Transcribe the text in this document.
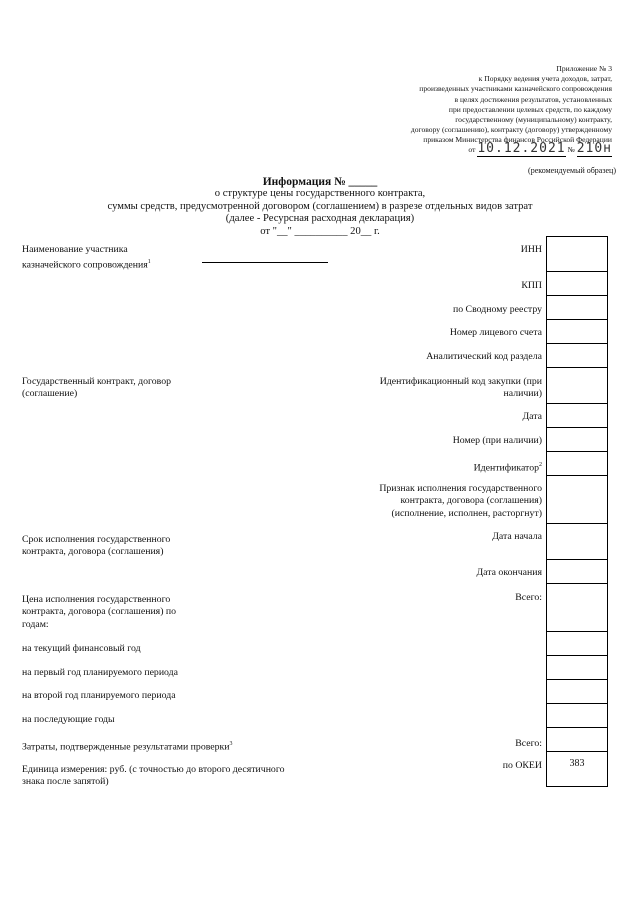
Приложение № 3
к Порядку ведения учета доходов, затрат,
произведенных участниками казначейского сопровождения
в целях достижения результатов, установленных
при предоставлении целевых средств, по каждому
государственному (муниципальному) контракту,
договору (соглашению), контракту (договору) утвержденному
приказом Министерства финансов Российской Федерации
от 10.12.2021 № 210н
(рекомендуемый образец)
Информация № _____
о структуре цены государственного контракта,
суммы средств, предусмотренной договором (соглашением) в разрезе отдельных видов затрат
(далее - Ресурсная расходная декларация)
от "__" __________ 20__ г.
Наименование участника
казначейского сопровождения$^1$
Государственный контракт, договор
(соглашение)
Срок исполнения государственного
контракта, договора (соглашения)
Цена исполнения государственного
контракта, договора (соглашения) по
годам:
на текущий финансовый год
на первый год планируемого периода
на второй год планируемого периода
на последующие годы
Затраты, подтвержденные результатами проверки$^3$
Единица измерения: руб. (с точностью до второго десятичного
знака после запятой)
ИНН
КПП
по Сводному реестру
Номер лицевого счета
Аналитический код раздела
Идентификационный код закупки (при
наличии)
Дата
Номер (при наличии)
Идентификатор$^2$
Признак исполнения государственного
контракта, договора (соглашения)
(исполнение, исполнен, расторгнут)
Дата начала
Дата окончания
Всего:
Всего:
по ОКЕИ	383
